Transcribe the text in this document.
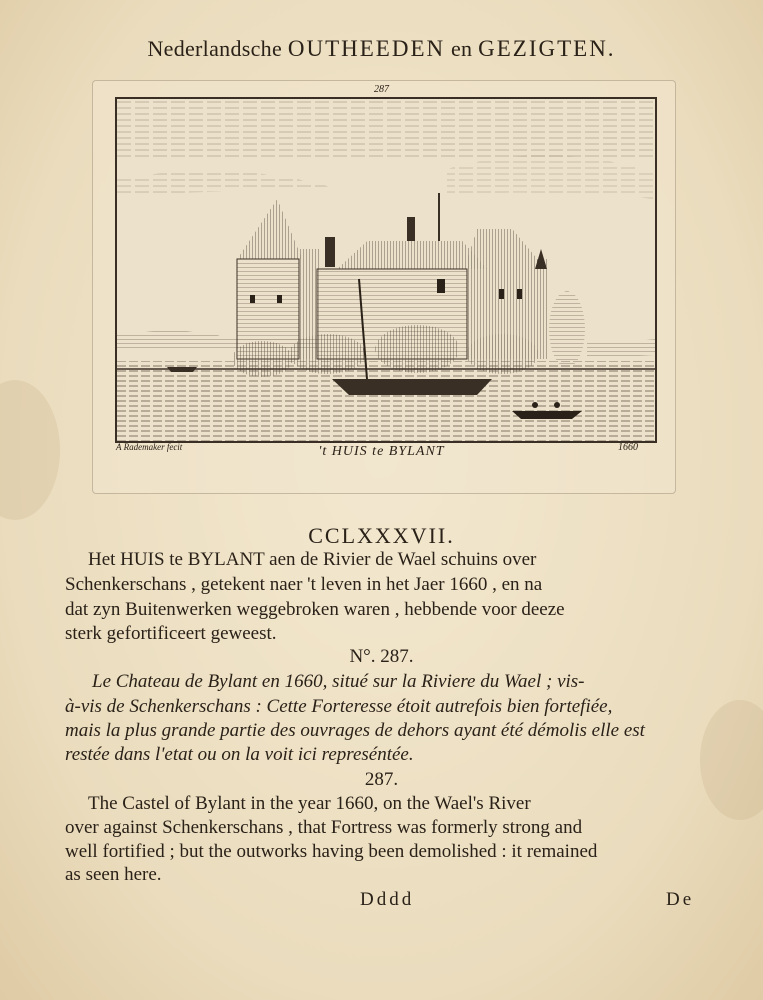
Nederlandsche OUTHEEDEN en GEZIGTEN.
287
A Rademaker fecit	't HUIS te BYLANT	1660
CCLXXXVII.
Het HUIS te BYLANT aen de Rivier de Wael schuins over
Schenkerschans , getekent naer 't leven in het Jaer 1660 , en na
dat zyn Buitenwerken weggebroken waren , hebbende voor deeze
sterk gefortificeert geweest.
N°. 287.
Le Chateau de Bylant en 1660, situé sur la Riviere du Wael ; vis-
à-vis de Schenkerschans : Cette Forteresse étoit autrefois bien fortefiée,
mais la plus grande partie des ouvrages de dehors ayant été démolis elle est
restée dans l'etat ou on la voit ici represéntée.
287.
The Castel of Bylant in the year 1660, on the Wael's River
over against Schenkerschans , that Fortress was formerly strong and
well fortified ; but the outworks having been demolished : it remained
as seen here.
Dddd	De
